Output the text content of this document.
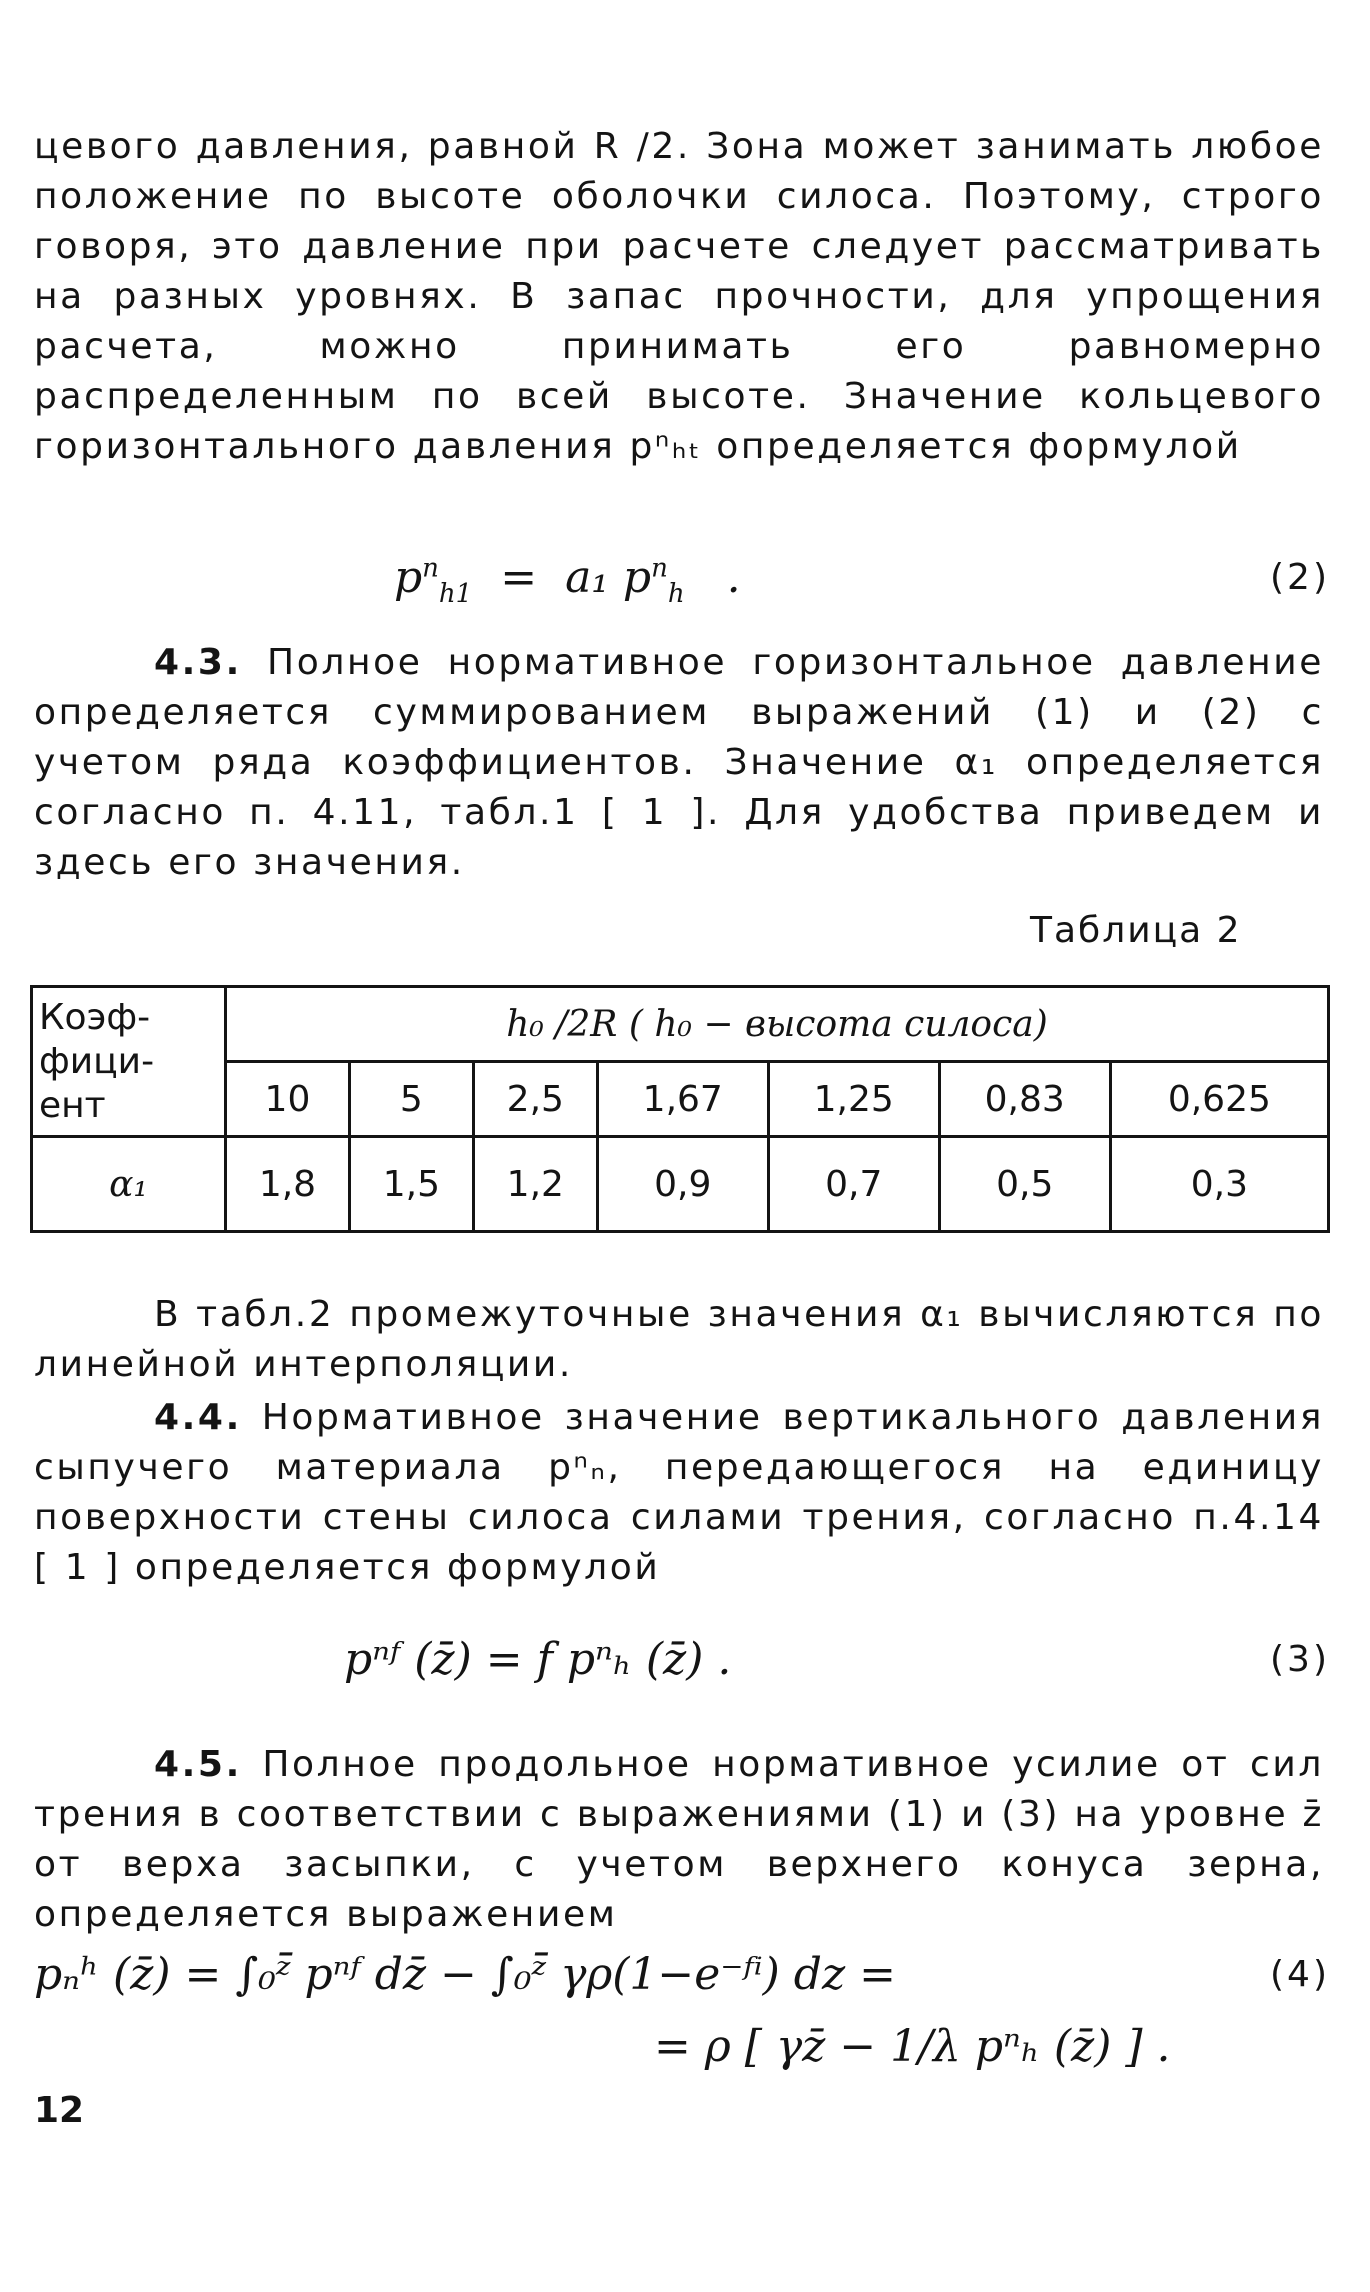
цевого давления, равной R /2. Зона может занимать любое положение по высоте оболочки силоса. Поэтому, строго говоря, это давление при расчете следует рассматривать на разных уровнях. В запас прочности, для упрощения расчета, можно принимать его равномерно распределенным по всей высоте. Значение кольцевого горизонтального давления pⁿₕₜ определяется формулой

$p^n_{h1} = a_1$ $p^n_h$ .	(2)

4.3. Полное нормативное горизонтальное давление определяется суммированием выражений (1) и (2) с учетом ряда коэффициентов. Значение α₁ определяется согласно п. 4.11, табл.1 [ 1 ]. Для удобства приведем и здесь его значения.

Таблица 2
Коэф-
фици-
ент	h₀ /2R ( h₀ − высота силоса)						
	10	5	2,5	1,67	1,25	0,83	0,625
α₁	1,8	1,5	1,2	0,9	0,7	0,5	0,3

В табл.2 промежуточные значения α₁ вычисляются по линейной интерполяции.

4.4. Нормативное значение вертикального давления сыпучего материала pⁿₙ, передающегося на единицу поверхности стены силоса силами трения, согласно п.4.14 [ 1 ] определяется формулой

pⁿᶠ (z̄) = f pⁿₕ (z̄) .	(3)

4.5. Полное продольное нормативное усилие от сил трения в соответствии с выражениями (1) и (3) на уровне z̄ от верха засыпки, с учетом верхнего конуса зерна, определяется выражением

pₙʰ (z̄) = ∫₀ᶻ̄ pⁿᶠ dz̄ − ∫₀ᶻ̄ γρ(1−e⁻ᶠⁱ) dz =
= ρ [ γz̄ − 1/λ pⁿₕ (z̄) ] .
(4)
12
